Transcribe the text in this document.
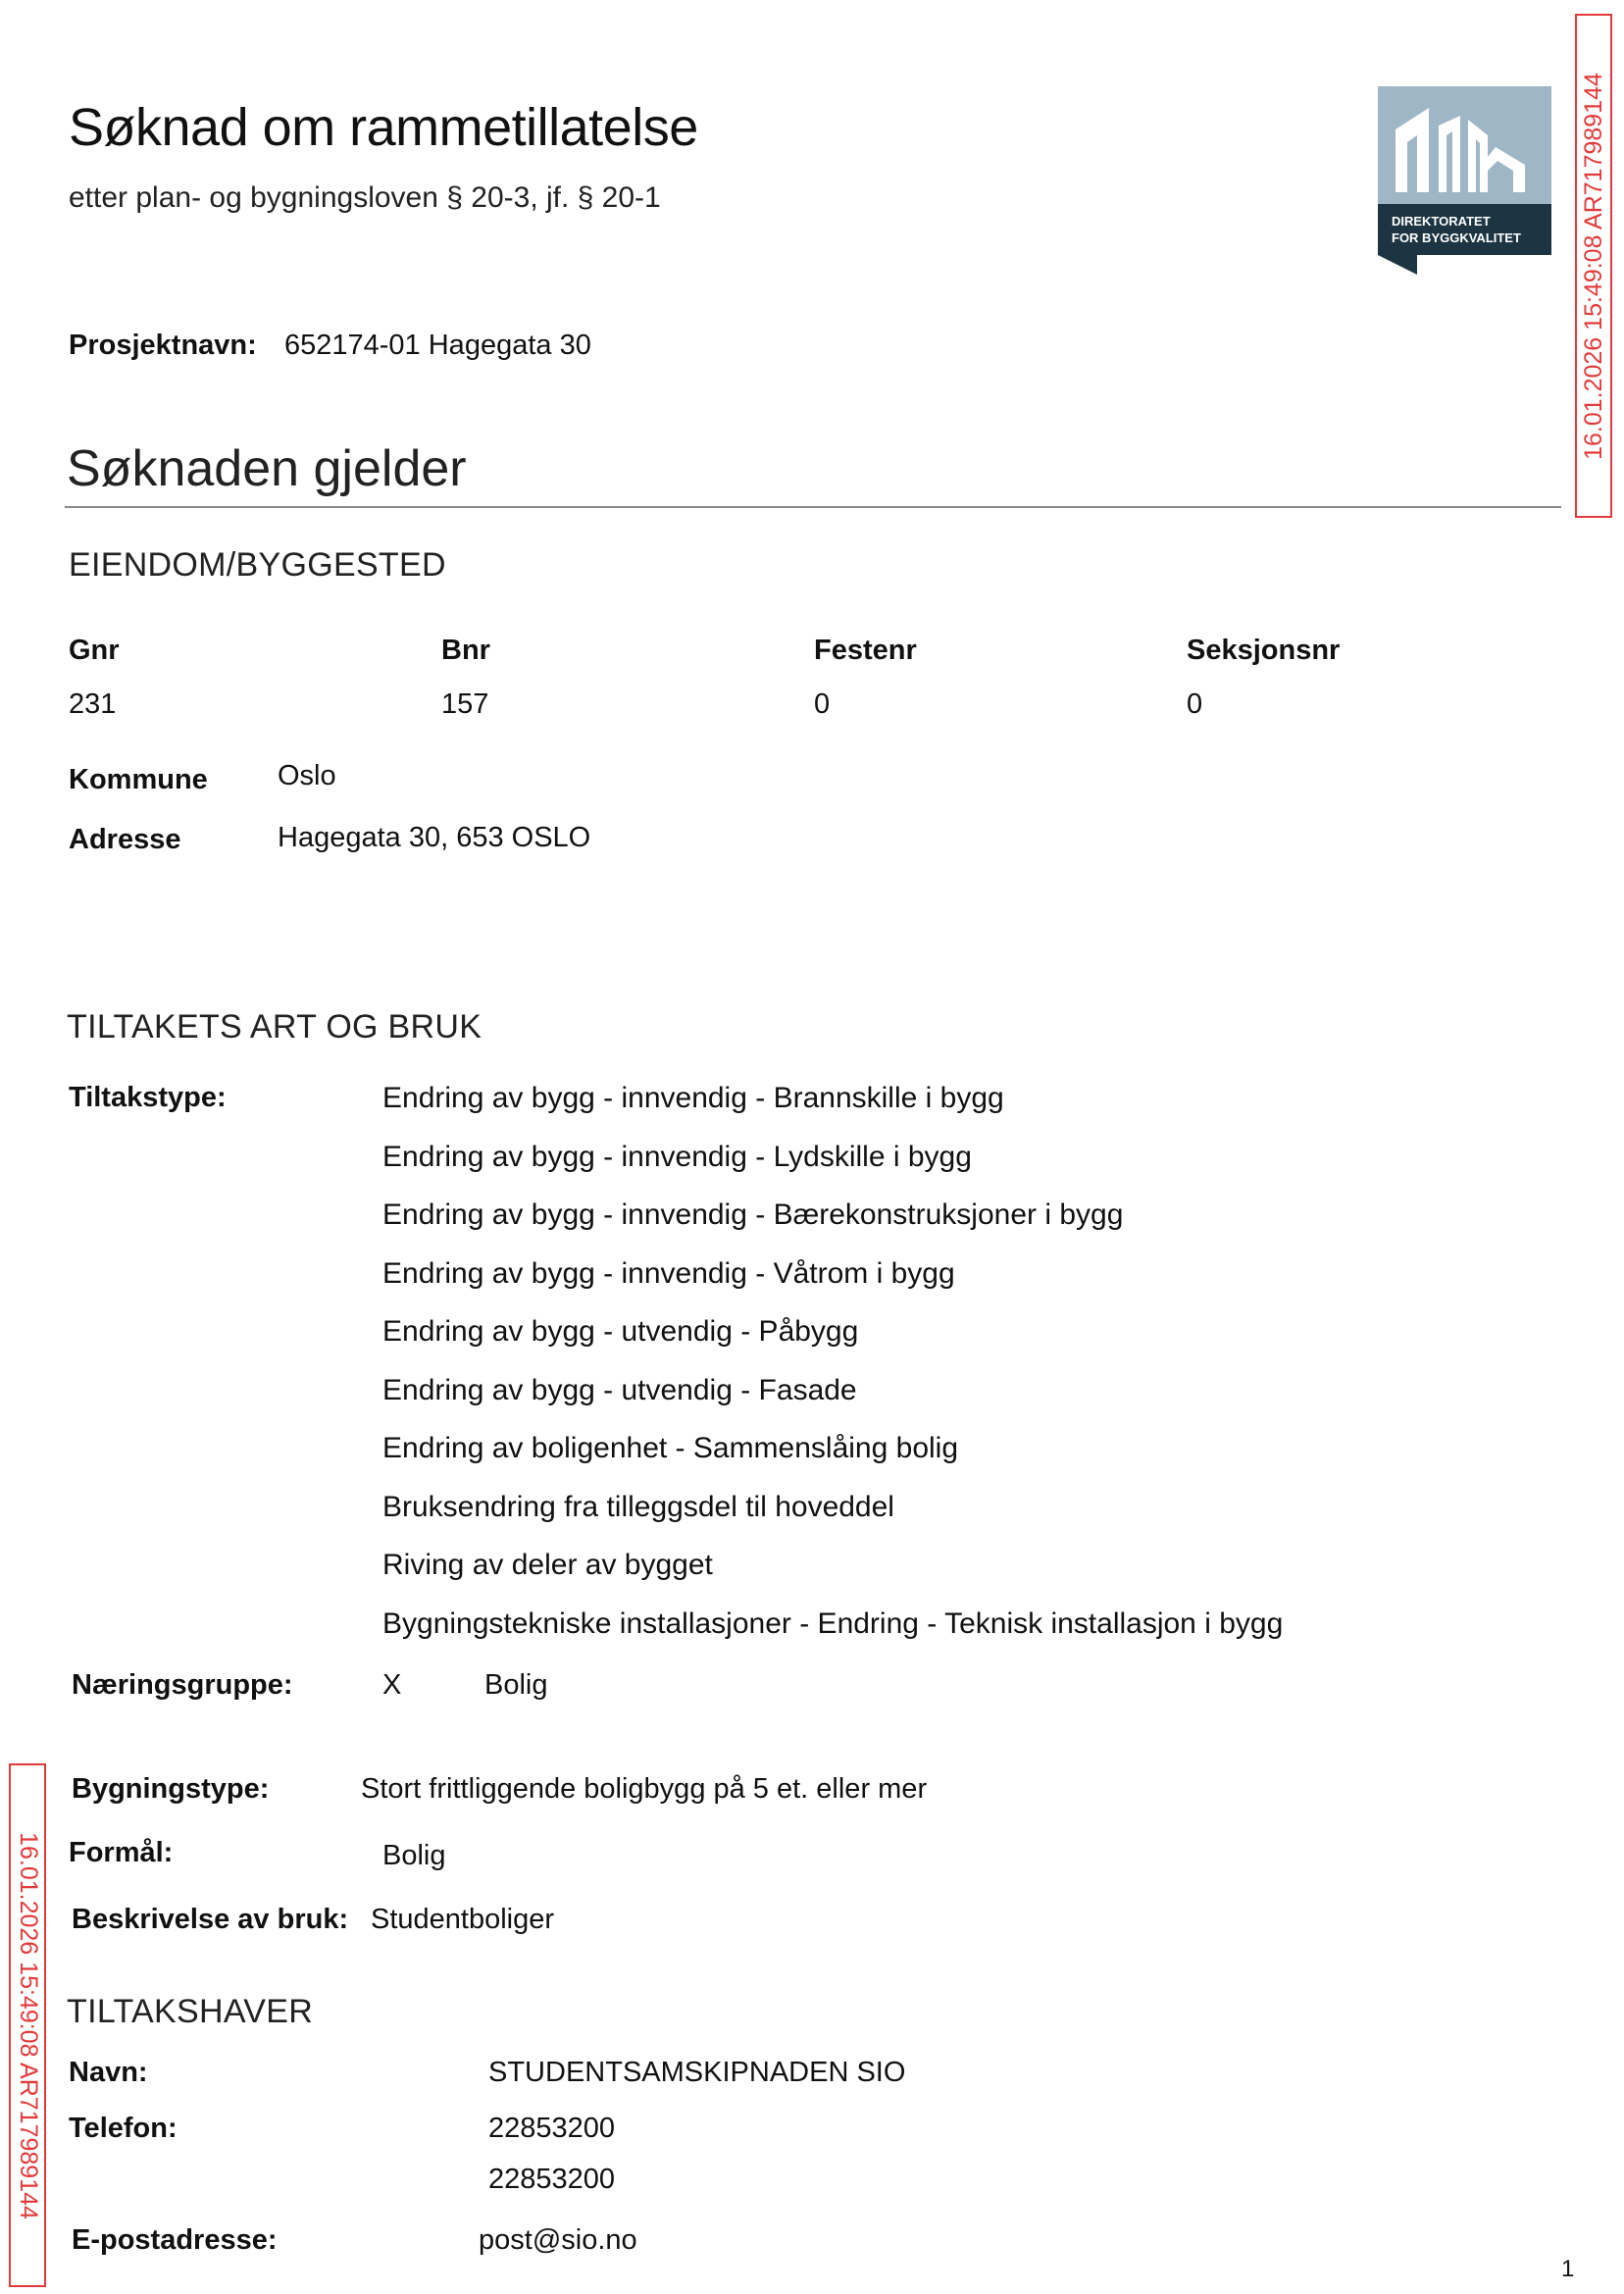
Søknad om rammetillatelse
etter plan- og bygningsloven § 20-3, jf. § 20-1
DIREKTORATET
FOR BYGGKVALITET
Prosjektnavn: 652174-01 Hagegata 30
Søknaden gjelder
EIENDOM/BYGGESTED
Gnr	Bnr	Festenr	Seksjonsnr
231	157	0	0
Kommune Oslo
Adresse	Hagegata 30, 653 OSLO
TILTAKETS ART OG BRUK
Tiltakstype:	Endring av bygg - innvendig - Brannskille i bygg
Endring av bygg - innvendig - Lydskille i bygg
Endring av bygg - innvendig - Bærekonstruksjoner i bygg
Endring av bygg - innvendig - Våtrom i bygg
Endring av bygg - utvendig - Påbygg
Endring av bygg - utvendig - Fasade
Endring av boligenhet - Sammenslåing bolig
Bruksendring fra tilleggsdel til hoveddel
Riving av deler av bygget
Bygningstekniske installasjoner - Endring - Teknisk installasjon i bygg
Næringsgruppe:	X	Bolig
Bygningstype:	Stort frittliggende boligbygg på 5 et. eller mer
Formål:	Bolig
Beskrivelse av bruk: Studentboliger
TILTAKSHAVER
Navn:	STUDENTSAMSKIPNADEN SIO
Telefon:	22853200
22853200
E-postadresse:	post@sio.no
16.01.2026 15:49:08 AR717989144
16.01.2026 15:49:08 AR717989144
1
